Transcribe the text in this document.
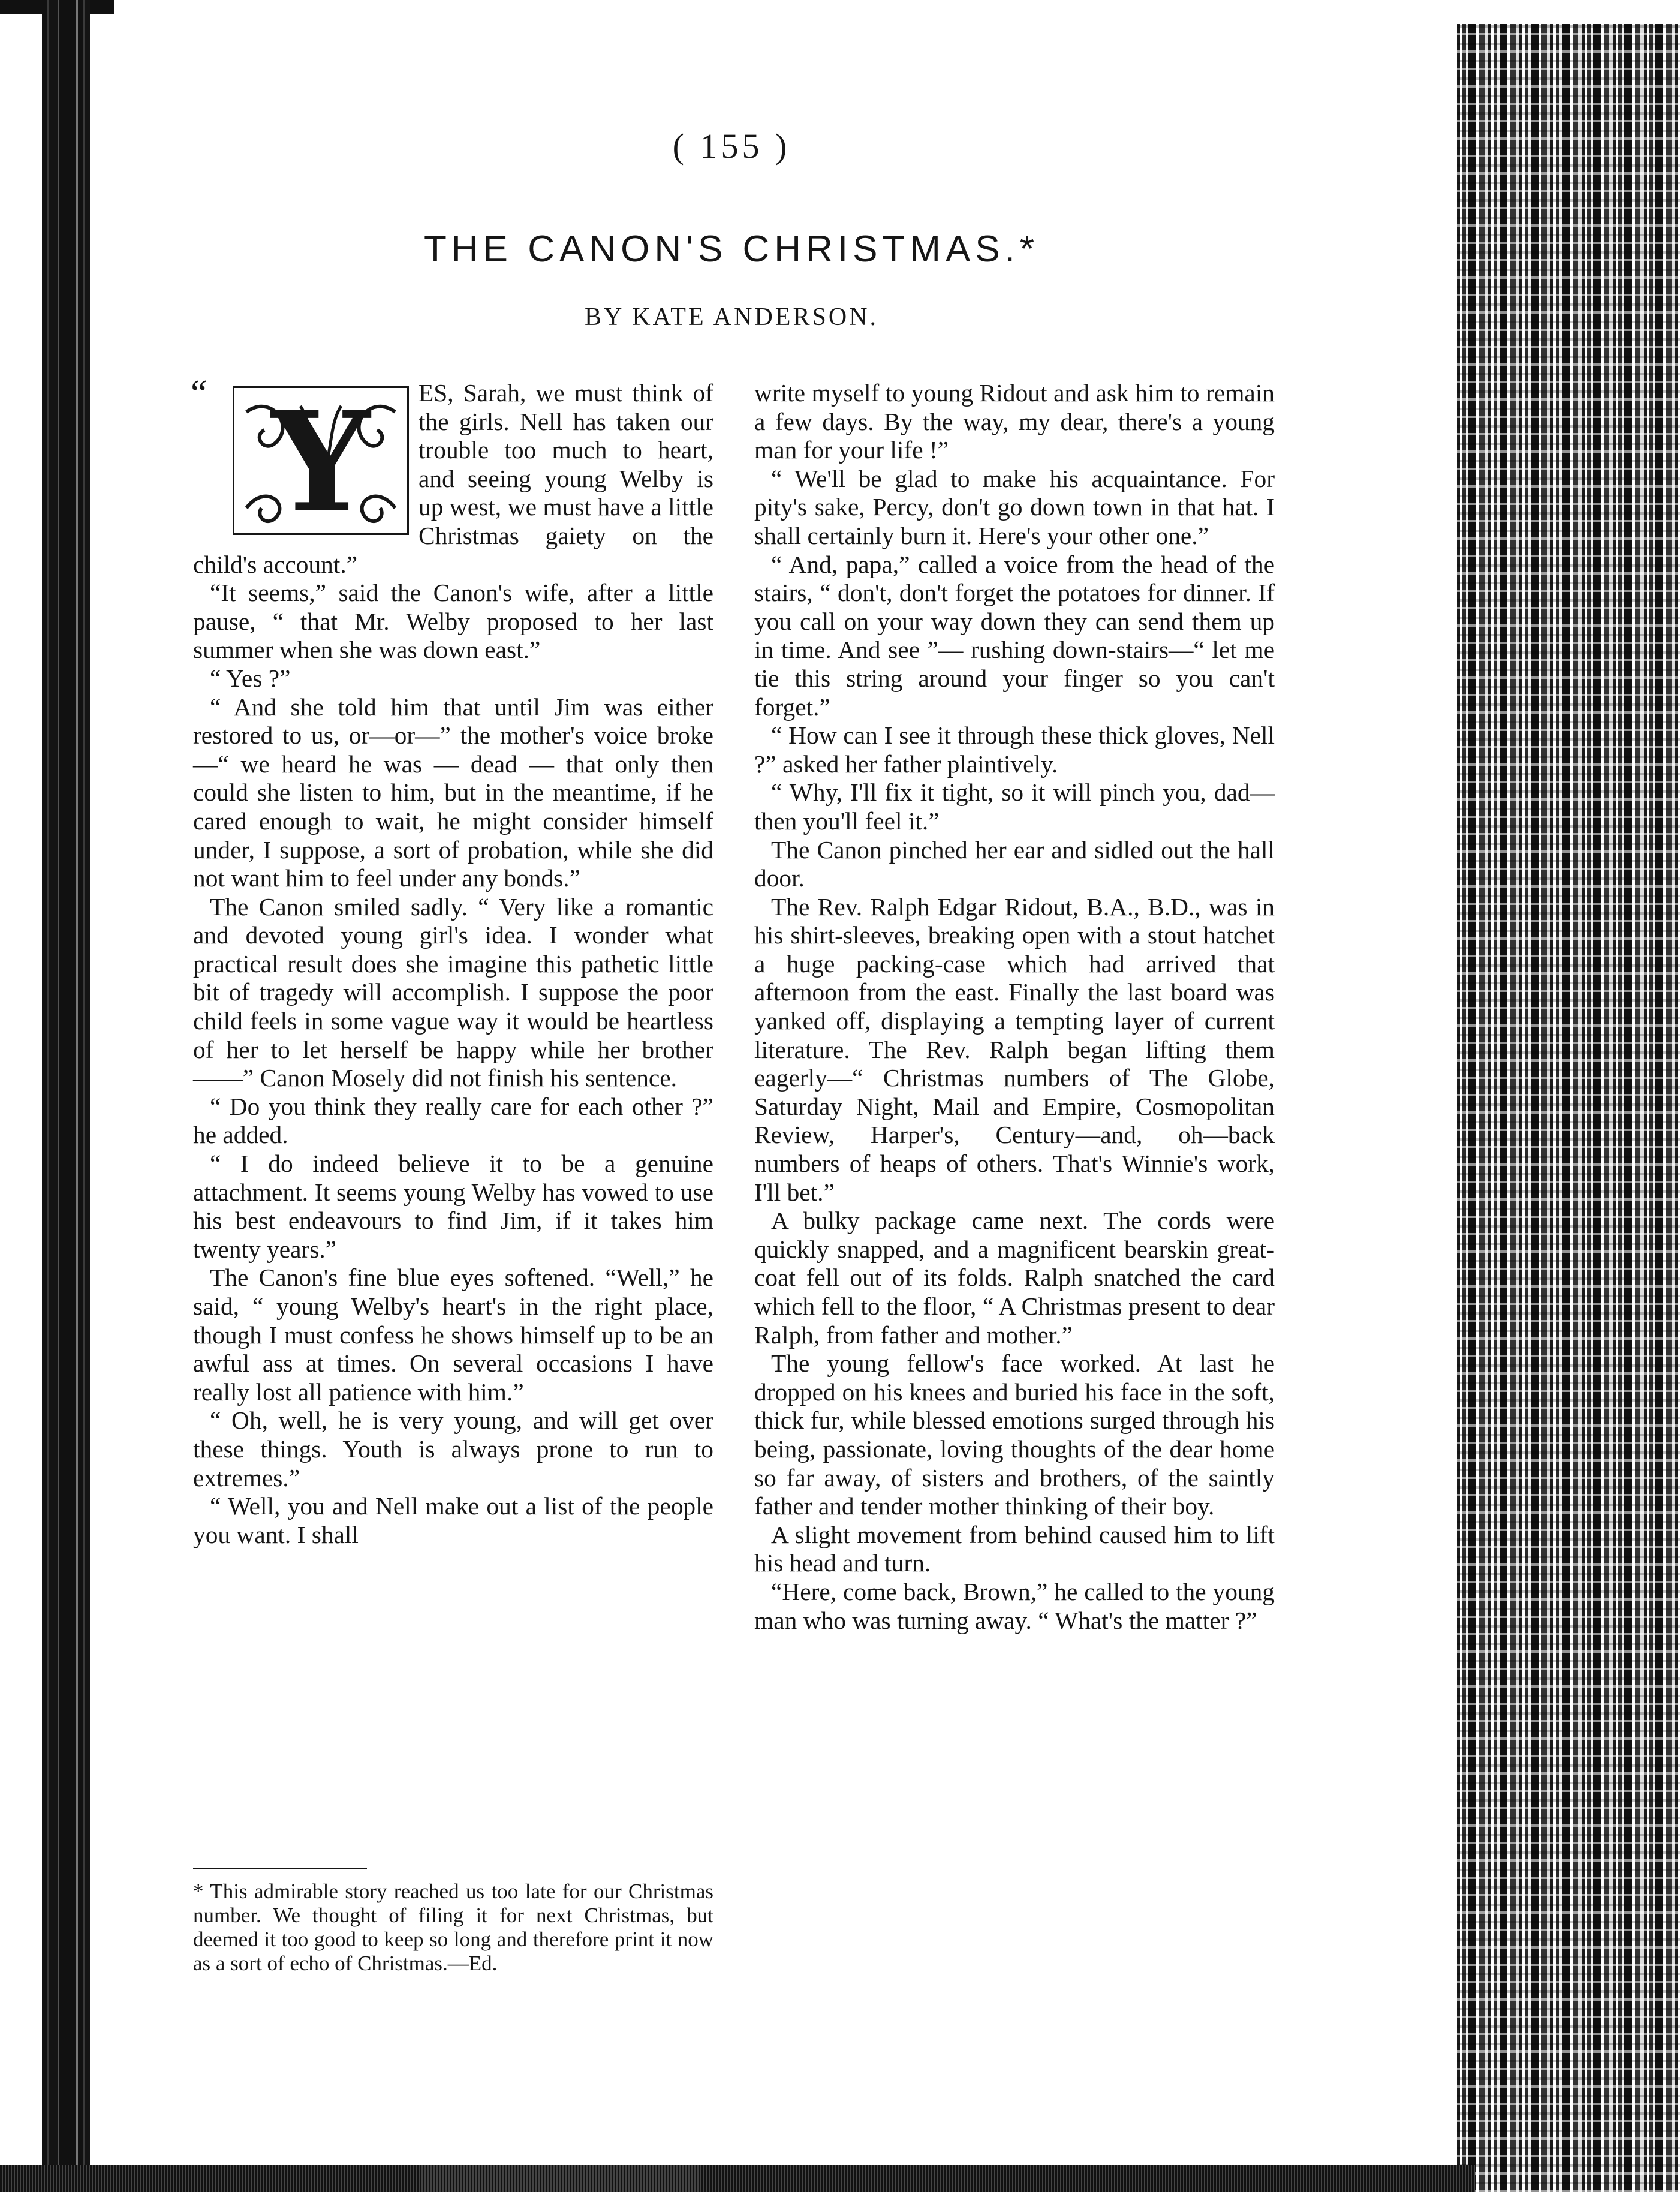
( 155 )
THE CANON'S CHRISTMAS.*
BY KATE ANDERSON.

“ Y	ES, Sarah, we must think of the girls. Nell has taken our trouble too much to heart, and seeing young Welby is up west, we must have a little Christmas gaiety on the child's account.”

“It seems,” said the Canon's wife, after a little pause, “ that Mr. Welby proposed to her last summer when she was down east.”

“ Yes ?”

“ And she told him that until Jim was either restored to us, or—or—” the mother's voice broke—“ we heard he was — dead — that only then could she listen to him, but in the meantime, if he cared enough to wait, he might consider himself under, I suppose, a sort of probation, while she did not want him to feel under any bonds.”

The Canon smiled sadly. “ Very like a romantic and devoted young girl's idea. I wonder what practical result does she imagine this pathetic little bit of tragedy will accomplish. I suppose the poor child feels in some vague way it would be heartless of her to let herself be happy while her brother——” Canon Mosely did not finish his sentence.

“ Do you think they really care for each other ?” he added.

“ I do indeed believe it to be a genuine attachment. It seems young Welby has vowed to use his best endeavours to find Jim, if it takes him twenty years.”

The Canon's fine blue eyes softened. “Well,” he said, “ young Welby's heart's in the right place, though I must confess he shows himself up to be an awful ass at times. On several occasions I have really lost all patience with him.”

“ Oh, well, he is very young, and will get over these things. Youth is always prone to run to extremes.”

“ Well, you and Nell make out a list of the people you want. I shall

write myself to young Ridout and ask him to remain a few days. By the way, my dear, there's a young man for your life !”

“ We'll be glad to make his acquaintance. For pity's sake, Percy, don't go down town in that hat. I shall certainly burn it. Here's your other one.”

“ And, papa,” called a voice from the head of the stairs, “ don't, don't forget the potatoes for dinner. If you call on your way down they can send them up in time. And see ”— rushing down-stairs—“ let me tie this string around your finger so you can't forget.”

“ How can I see it through these thick gloves, Nell ?” asked her father plaintively.

“ Why, I'll fix it tight, so it will pinch you, dad—then you'll feel it.”

The Canon pinched her ear and sidled out the hall door.

The Rev. Ralph Edgar Ridout, B.A., B.D., was in his shirt-sleeves, breaking open with a stout hatchet a huge packing-case which had arrived that afternoon from the east. Finally the last board was yanked off, displaying a tempting layer of current literature. The Rev. Ralph began lifting them eagerly—“ Christmas numbers of The Globe, Saturday Night, Mail and Empire, Cosmopolitan Review, Harper's, Century—and, oh—back numbers of heaps of others. That's Winnie's work, I'll bet.”

A bulky package came next. The cords were quickly snapped, and a magnificent bearskin great-coat fell out of its folds. Ralph snatched the card which fell to the floor, “ A Christmas present to dear Ralph, from father and mother.”

The young fellow's face worked. At last he dropped on his knees and buried his face in the soft, thick fur, while blessed emotions surged through his being, passionate, loving thoughts of the dear home so far away, of sisters and brothers, of the saintly father and tender mother thinking of their boy.

A slight movement from behind caused him to lift his head and turn.

“Here, come back, Brown,” he called to the young man who was turning away. “ What's the matter ?”

* This admirable story reached us too late for our Christmas number. We thought of filing it for next Christmas, but deemed it too good to keep so long and therefore print it now as a sort of echo of Christmas.—Ed.
